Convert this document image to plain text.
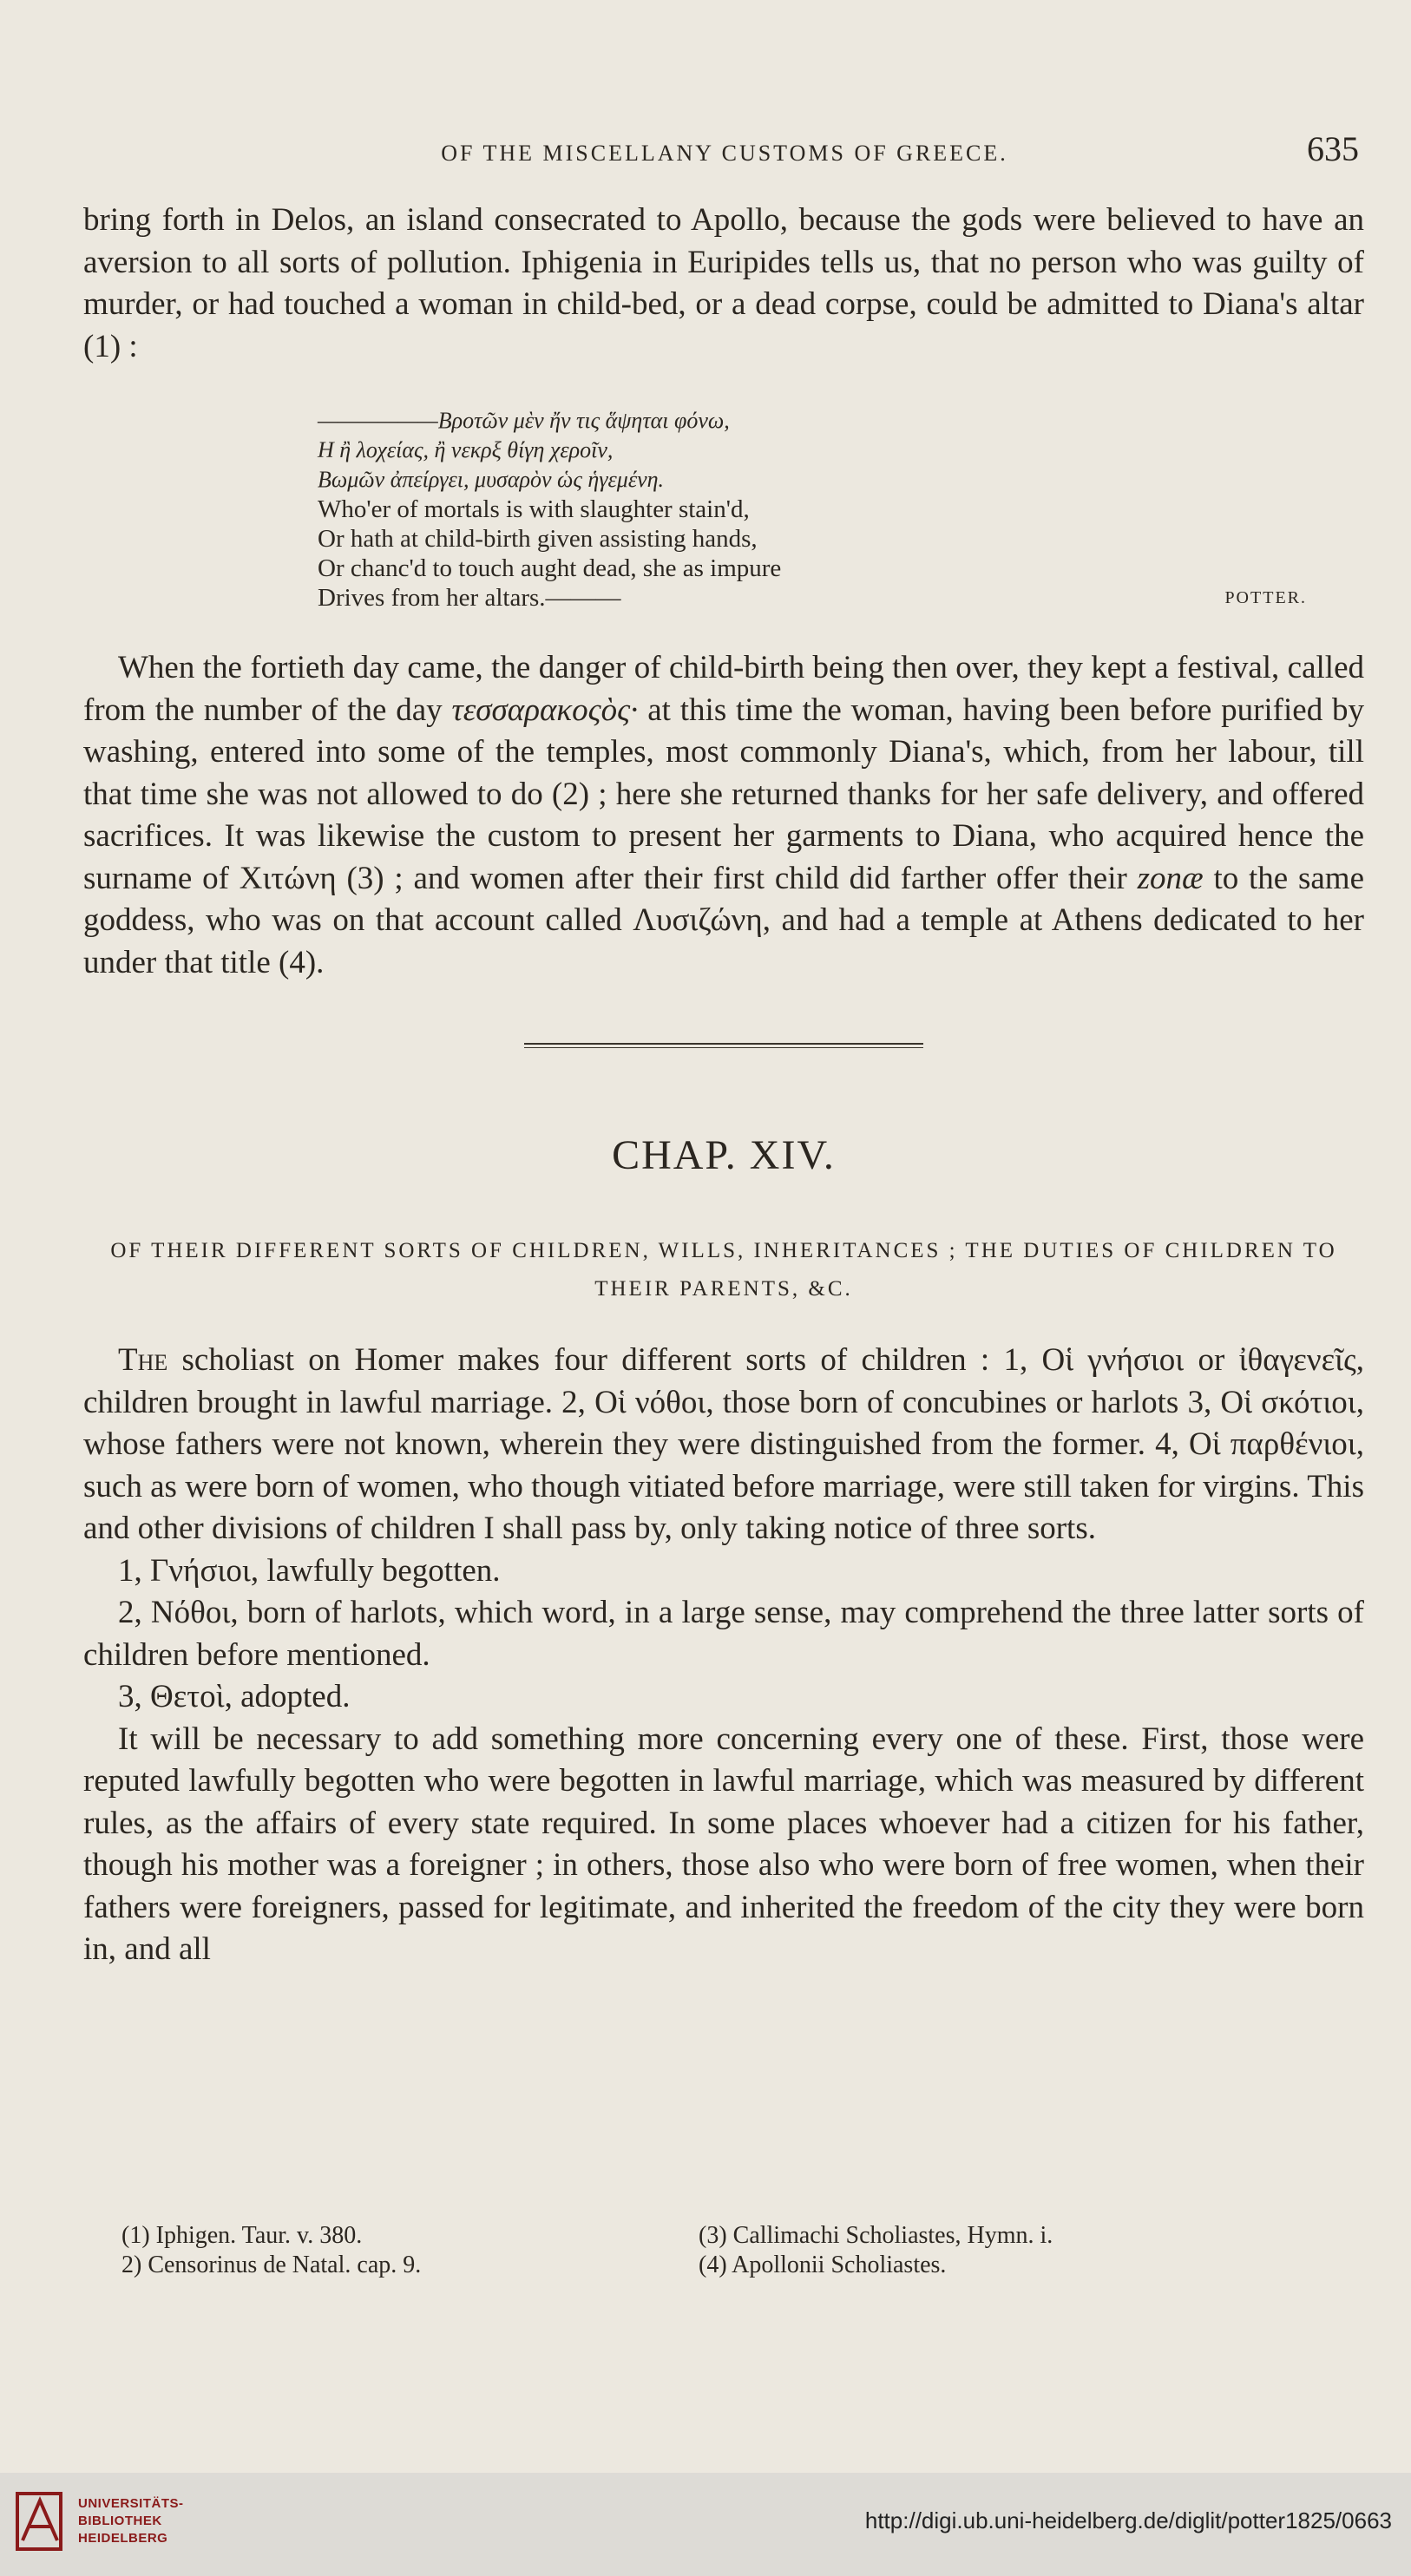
OF THE MISCELLANY CUSTOMS OF GREECE.	635

bring forth in Delos, an island consecrated to Apollo, because the gods were believed to have an aversion to all sorts of pollution. Iphigenia in Euripides tells us, that no person who was guilty of murder, or had touched a woman in child-bed, or a dead corpse, could be admitted to Diana's altar (1) :

——————Βροτῶν μὲν ἤν τις ἅψηται φόνω,
Η ἢ λοχείας, ἢ νεκρξ θίγη χεροῖν,
Βωμῶν ἀπείργει, μυσαρὸν ὡς ἡγεμένη.
Who'er of mortals is with slaughter stain'd,
Or hath at child-birth given assisting hands,
Or chanc'd to touch aught dead, she as impure
Drives from her altars.———	POTTER.

When the fortieth day came, the danger of child-birth being then over, they kept a festival, called from the number of the day τεσσαρακοςὸς· at this time the woman, having been before purified by washing, entered into some of the temples, most commonly Diana's, which, from her labour, till that time she was not allowed to do (2) ; here she returned thanks for her safe delivery, and offered sacrifices. It was likewise the custom to present her garments to Diana, who acquired hence the surname of Χιτώνη (3) ; and women after their first child did farther offer their zonæ to the same goddess, who was on that account called Λυσιζώνη, and had a temple at Athens dedicated to her under that title (4).

CHAP. XIV.
OF THEIR DIFFERENT SORTS OF CHILDREN, WILLS, INHERITANCES ; THE DUTIES OF CHILDREN TO THEIR PARENTS, &C.

The scholiast on Homer makes four different sorts of children : 1, Οἱ γνήσιοι or ἰθαγενεῖς, children brought in lawful marriage. 2, Οἱ νόθοι, those born of concubines or harlots 3, Οἱ σκότιοι, whose fathers were not known, wherein they were distinguished from the former. 4, Οἱ παρθένιοι, such as were born of women, who though vitiated before marriage, were still taken for virgins. This and other divisions of children I shall pass by, only taking notice of three sorts.

1, Γνήσιοι, lawfully begotten.

2, Νόθοι, born of harlots, which word, in a large sense, may comprehend the three latter sorts of children before mentioned.

3, Θετοὶ, adopted.

It will be necessary to add something more concerning every one of these. First, those were reputed lawfully begotten who were begotten in lawful marriage, which was measured by different rules, as the affairs of every state required. In some places whoever had a citizen for his father, though his mother was a foreigner ; in others, those also who were born of free women, when their fathers were foreigners, passed for legitimate, and inherited the freedom of the city they were born in, and all

(1) Iphigen. Taur. v. 380.	(3) Callimachi Scholiastes, Hymn. i.
2) Censorinus de Natal. cap. 9.	(4) Apollonii Scholiastes.
UNIVERSITÄTS-
BIBLIOTHEK
HEIDELBERG
http://digi.ub.uni-heidelberg.de/diglit/potter1825/0663
